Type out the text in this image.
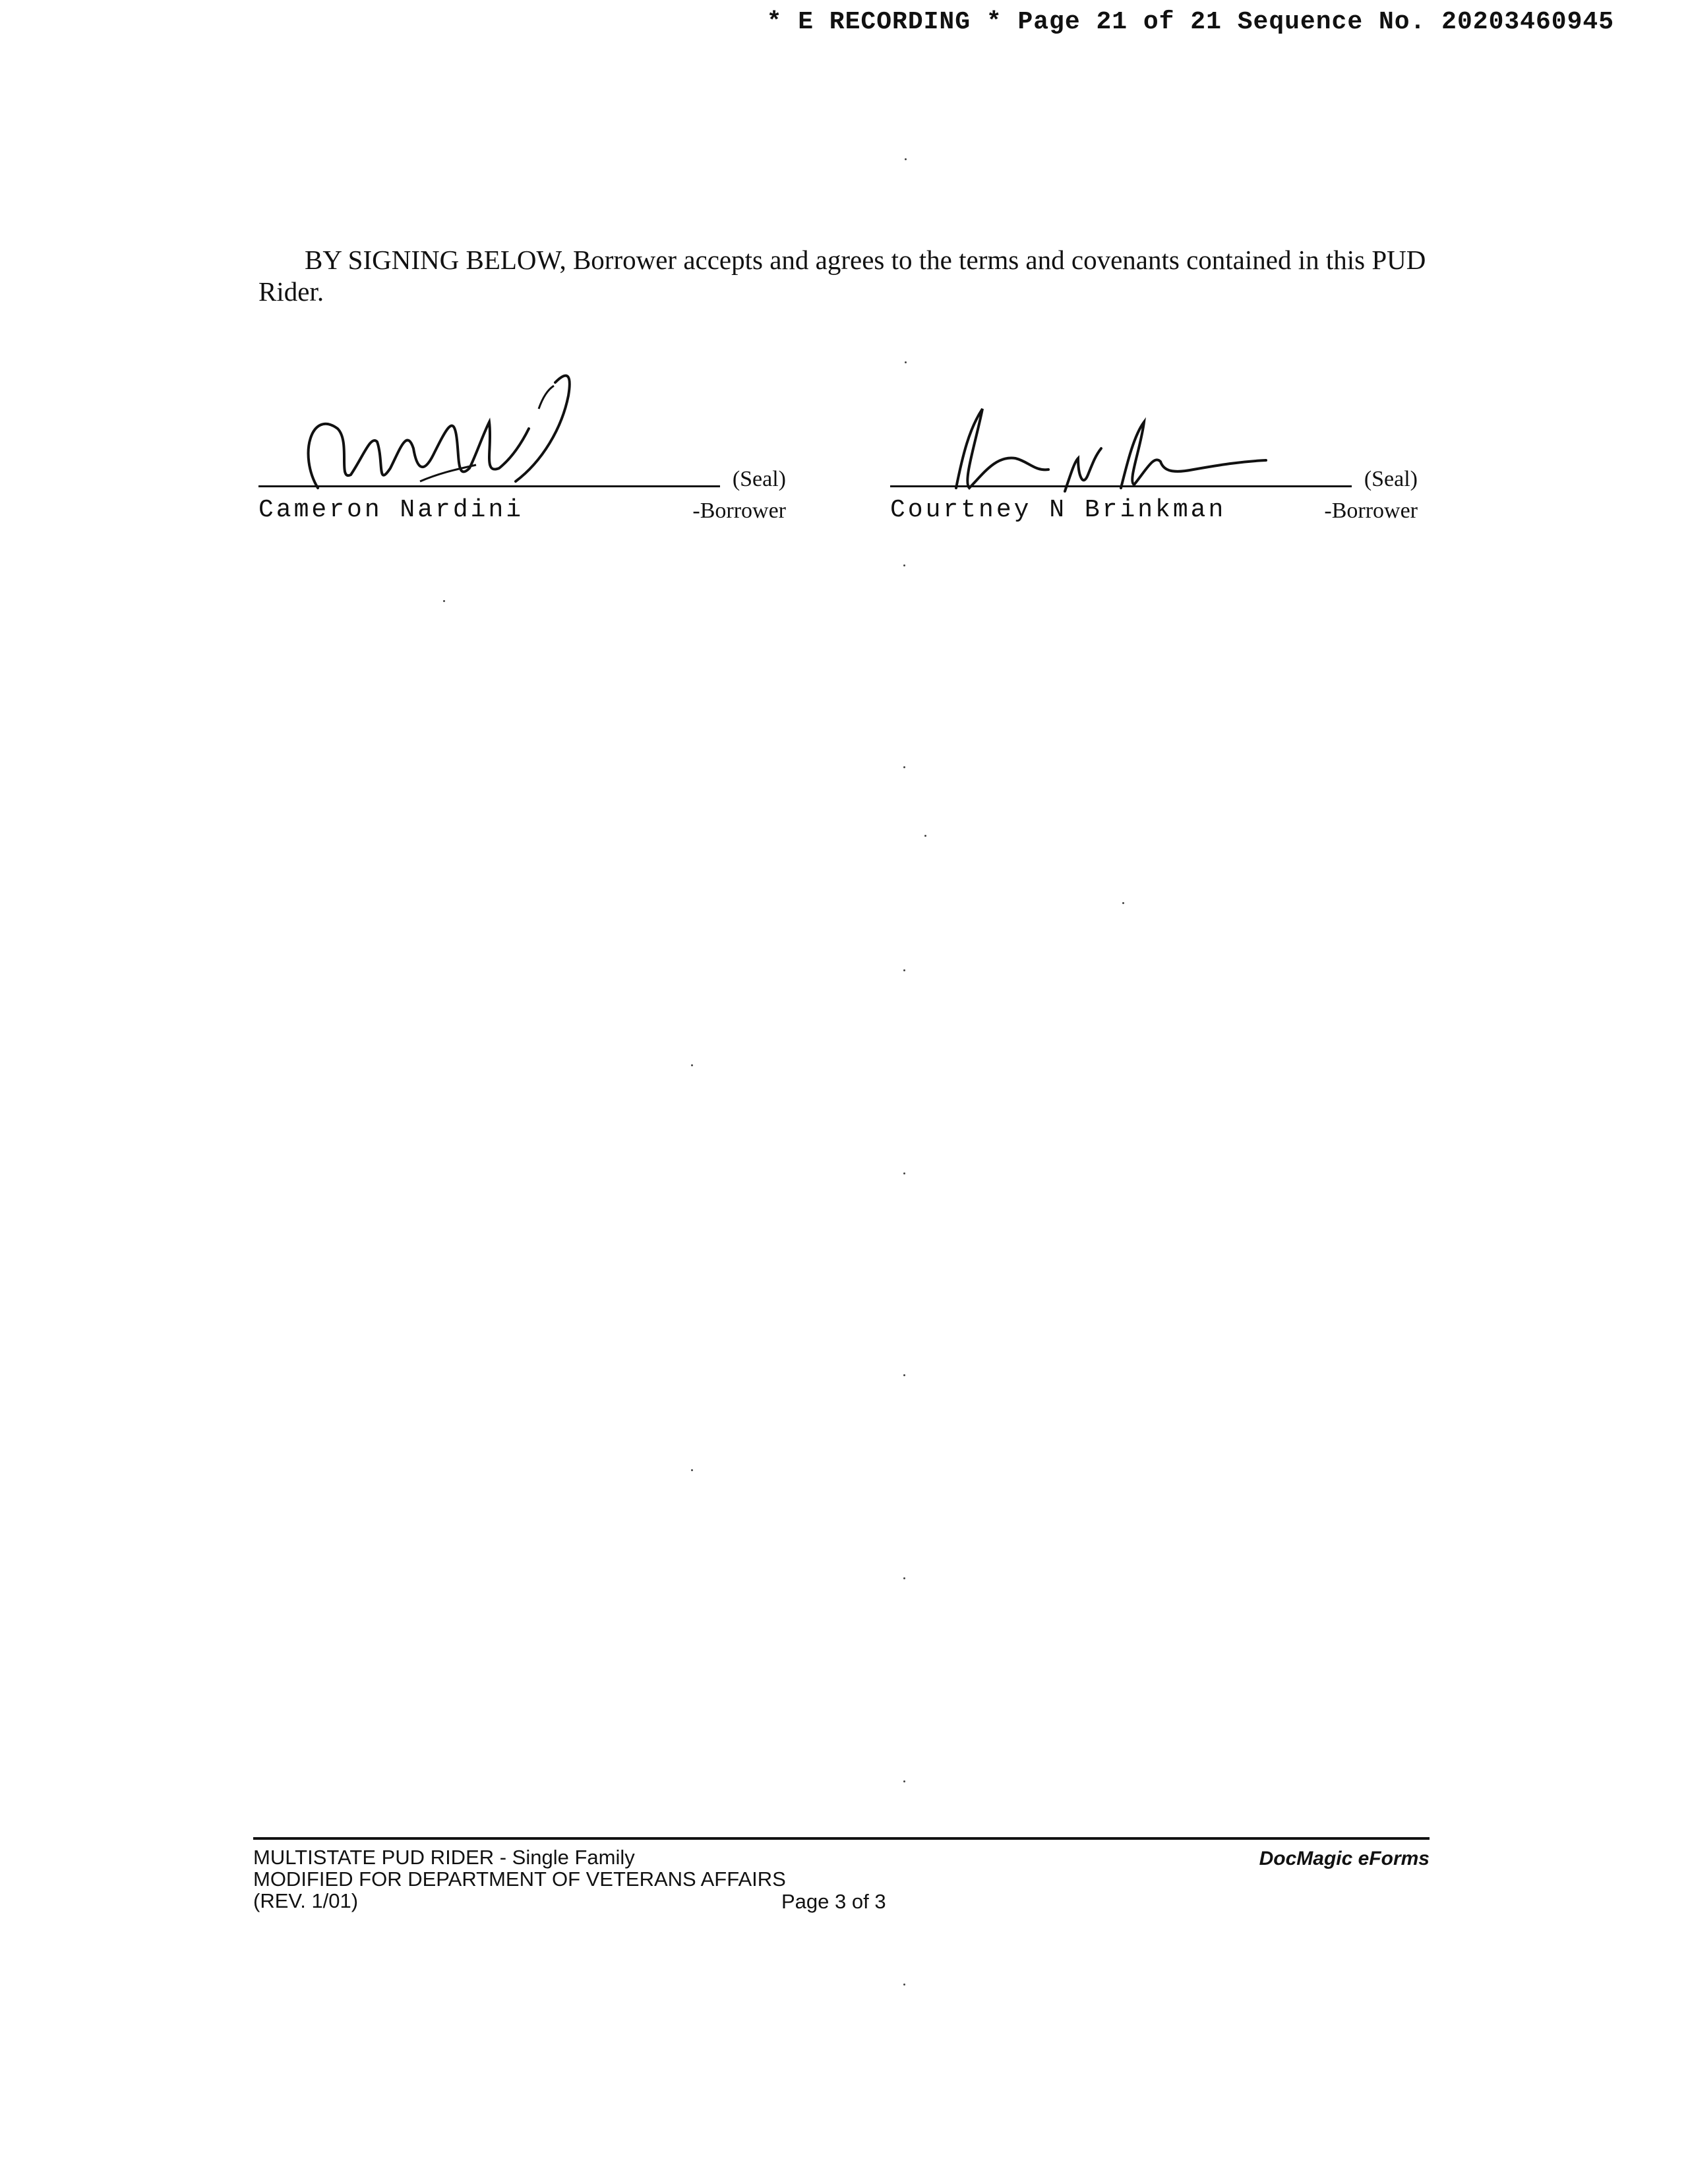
* E RECORDING * Page 21 of 21 Sequence No. 20203460945
BY SIGNING BELOW, Borrower accepts and agrees to the terms and covenants contained in this PUD Rider.
(Seal)
Cameron Nardini	-Borrower
(Seal)
Courtney N Brinkman	-Borrower
MULTISTATE PUD RIDER - Single Family
MODIFIED FOR DEPARTMENT OF VETERANS AFFAIRS
(REV. 1/01)	Page 3 of 3
DocMagic eForms
